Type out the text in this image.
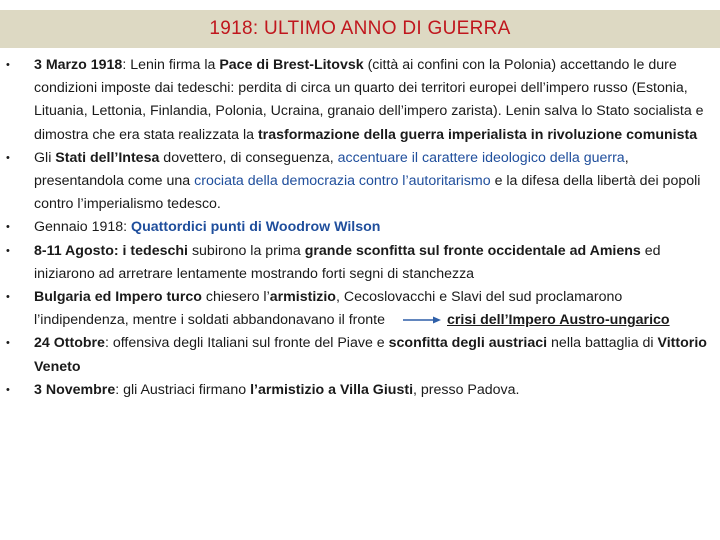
1918: ULTIMO ANNO DI GUERRA
• 3 Marzo 1918: Lenin firma la Pace di Brest-Litovsk (città ai confini con la Polonia) accettando le dure condizioni imposte dai tedeschi: perdita di circa un quarto dei territori europei dell’impero russo (Estonia, Lituania, Lettonia, Finlandia, Polonia, Ucraina, granaio dell’impero zarista). Lenin salva lo Stato socialista e dimostra che era stata realizzata la trasformazione della guerra imperialista in rivoluzione comunista
• Gli Stati dell’Intesa dovettero, di conseguenza, accentuare il carattere ideologico della guerra, presentandola come una crociata della democrazia contro l’autoritarismo e la difesa della libertà dei popoli contro l’imperialismo tedesco.
• Gennaio 1918: Quattordici punti di Woodrow Wilson
• 8-11 Agosto: i tedeschi subirono la prima grande sconfitta sul fronte occidentale ad Amiens ed iniziarono ad arretrare lentamente mostrando forti segni di stanchezza
• Bulgaria ed Impero turco chiesero l’armistizio, Cecoslovacchi e Slavi del sud proclamarono l’indipendenza, mentre i soldati abbandonavano il fronte	crisi dell’Impero Austro-ungarico
• 24 Ottobre: offensiva degli Italiani sul fronte del Piave e sconfitta degli austriaci nella battaglia di Vittorio Veneto
• 3 Novembre: gli Austriaci firmano l’armistizio a Villa Giusti, presso Padova.
